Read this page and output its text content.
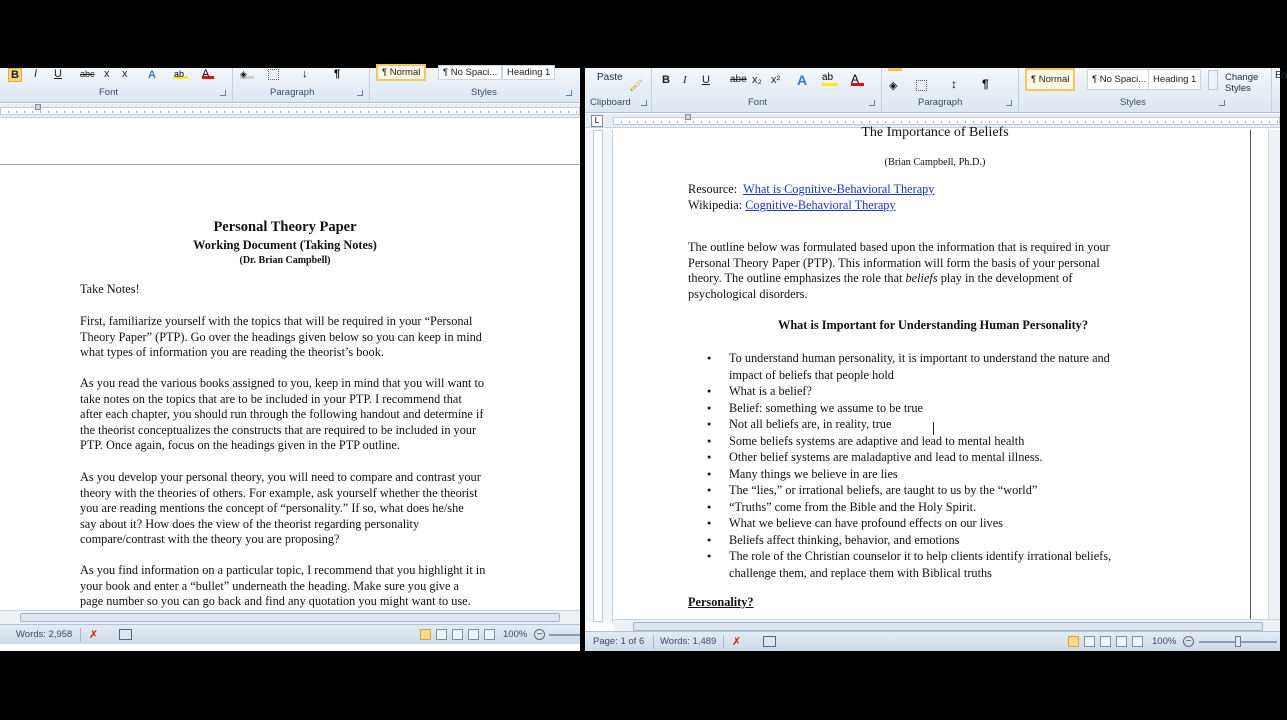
B I U abc x x A	ab	A
Font
◈	↓ ¶
Paragraph
¶ Normal	¶ No Spaci...	Heading 1
Styles
Personal Theory Paper
Working Document (Taking Notes)
(Dr. Brian Campbell)
Take Notes!
First, familiarize yourself with the topics that will be required in your “Personal
Theory Paper” (PTP). Go over the headings given below so you can keep in mind
what types of information you are reading the theorist’s book.
As you read the various books assigned to you, keep in mind that you will want to
take notes on the topics that are to be included in your PTP. I recommend that
after each chapter, you should run through the following handout and determine if
the theorist conceptualizes the constructs that are required to be included in your
PTP. Once again, focus on the headings given in the PTP outline.
As you develop your personal theory, you will need to compare and contrast your
theory with the theories of others. For example, ask yourself whether the theorist
you are reading mentions the concept of “personality.” If so, what does he/she
say about it? How does the view of the theorist regarding personality
compare/contrast with the theory you are proposing?
As you find information on a particular topic, I recommend that you highlight it in
your book and enter a “bullet” underneath the heading. Make sure you give a
page number so you can go back and find any quotation you might want to use.
Words: 2,958 ✗	100% −
Paste
🖌
Clipboard
B I U abe x₂ x² A	ab	A
Font
◈	↕ ¶
Paragraph
¶ Normal	¶ No Spaci... Heading 1
Styles
Change Styles
Ed
L
The Importance of Beliefs
(Brian Campbell, Ph.D.)
Resource: What is Cognitive-Behavioral Therapy
Wikipedia: Cognitive-Behavioral Therapy
The outline below was formulated based upon the information that is required in your
Personal Theory Paper (PTP). This information will form the basis of your personal
theory. The outline emphasizes the role that beliefs play in the development of
psychological disorders.
What is Important for Understanding Human Personality?
● To understand human personality, it is important to understand the nature and
impact of beliefs that people hold
● What is a belief?
● Belief: something we assume to be true
● Not all beliefs are, in reality, true
● Some beliefs systems are adaptive and lead to mental health
● Other belief systems are maladaptive and lead to mental illness.
● Many things we believe in are lies
● The “lies,” or irrational beliefs, are taught to us by the “world”
● “Truths” come from the Bible and the Holy Spirit.
● What we believe can have profound effects on our lives
● Beliefs affect thinking, behavior, and emotions
● The role of the Christian counselor it to help clients identify irrational beliefs,
challenge them, and replace them with Biblical truths
Personality?
Page: 1 of 6 Words: 1,489 ✗	100% −
